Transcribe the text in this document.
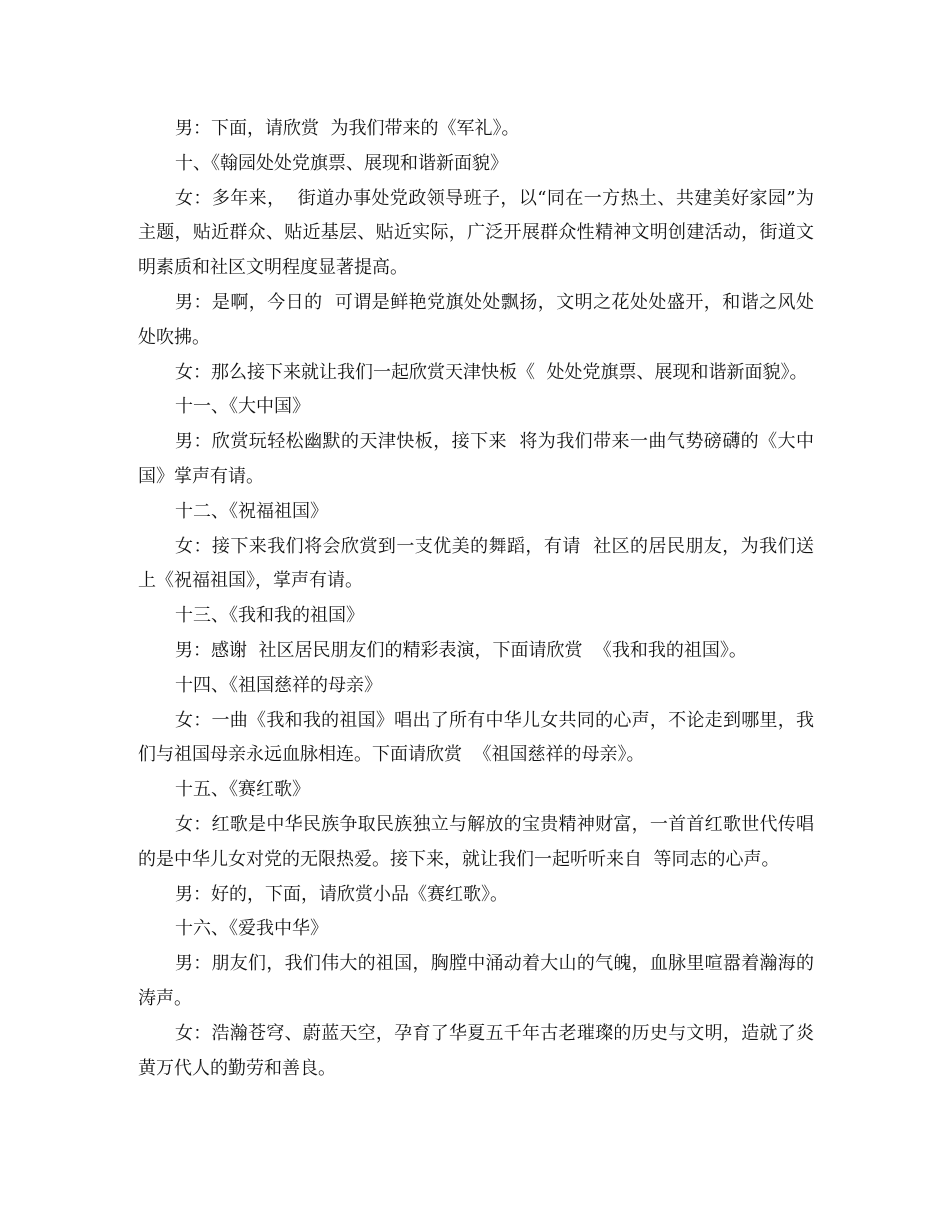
男：下面，请欣赏  为我们带来的《军礼》。

十、《翰园处处党旗票、展现和谐新面貌》

女：多年来，  街道办事处党政领导班子，以“同在一方热土、共建美好家园”为主题，贴近群众、贴近基层、贴近实际，广泛开展群众性精神文明创建活动，街道文明素质和社区文明程度显著提高。

男：是啊，今日的  可谓是鲜艳党旗处处飘扬，文明之花处处盛开，和谐之风处处吹拂。

女：那么接下来就让我们一起欣赏天津快板《  处处党旗票、展现和谐新面貌》。

十一、《大中国》

男：欣赏玩轻松幽默的天津快板，接下来  将为我们带来一曲气势磅礴的《大中国》掌声有请。

十二、《祝福祖国》

女：接下来我们将会欣赏到一支优美的舞蹈，有请  社区的居民朋友，为我们送上《祝福祖国》，掌声有请。

十三、《我和我的祖国》

男：感谢  社区居民朋友们的精彩表演，下面请欣赏  《我和我的祖国》。

十四、《祖国慈祥的母亲》

女：一曲《我和我的祖国》唱出了所有中华儿女共同的心声，不论走到哪里，我们与祖国母亲永远血脉相连。下面请欣赏  《祖国慈祥的母亲》。

十五、《赛红歌》

女：红歌是中华民族争取民族独立与解放的宝贵精神财富，一首首红歌世代传唱的是中华儿女对党的无限热爱。接下来，就让我们一起听听来自  等同志的心声。

男：好的，下面，请欣赏小品《赛红歌》。

十六、《爱我中华》

男：朋友们，我们伟大的祖国，胸膛中涌动着大山的气魄，血脉里喧嚣着瀚海的涛声。

女：浩瀚苍穹、蔚蓝天空，孕育了华夏五千年古老璀璨的历史与文明，造就了炎黄万代人的勤劳和善良。
